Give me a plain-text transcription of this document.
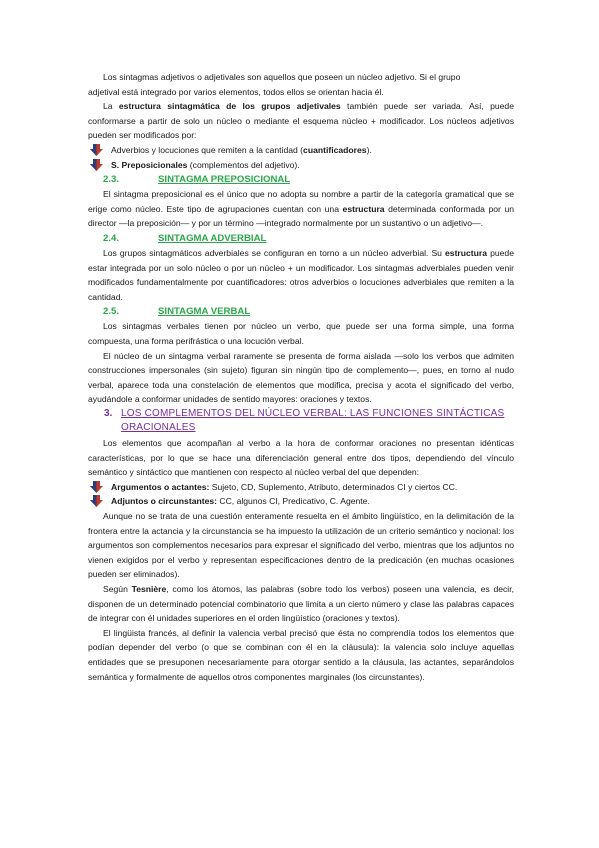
Los sintagmas adjetivos o adjetivales son aquellos que poseen un núcleo adjetivo. Si el grupo
adjetival está integrado por varios elementos, todos ellos se orientan hacia él.

La estructura sintagmática de los grupos adjetivales también puede ser variada. Así, puede conformarse a partir de solo un núcleo o mediante el esquema núcleo + modificador. Los núcleos adjetivos pueden ser modificados por:

Adverbios y locuciones que remiten a la cantidad (cuantificadores).
S. Preposicionales (complementos del adjetivo).
2.3.	SINTAGMA PREPOSICIONAL

El sintagma preposicional es el único que no adopta su nombre a partir de la categoría gramatical que se erige como núcleo. Este tipo de agrupaciones cuentan con una estructura determinada conformada por un director —la preposición— y por un término —integrado normalmente por un sustantivo o un adjetivo—.

2.4.	SINTAGMA ADVERBIAL

Los grupos sintagmáticos adverbiales se configuran en torno a un núcleo adverbial. Su estructura puede estar integrada por un solo núcleo o por un núcleo + un modificador. Los sintagmas adverbiales pueden venir modificados fundamentalmente por cuantificadores: otros adverbios o locuciones adverbiales que remiten a la cantidad.

2.5.	SINTAGMA VERBAL

Los sintagmas verbales tienen por núcleo un verbo, que puede ser una forma simple, una forma compuesta, una forma perifrástica o una locución verbal.

El núcleo de un sintagma verbal raramente se presenta de forma aislada —solo los verbos que admiten construcciones impersonales (sin sujeto) figuran sin ningún tipo de complemento—, pues, en torno al nudo verbal, aparece toda una constelación de elementos que modifica, precisa y acota el significado del verbo, ayudándole a conformar unidades de sentido mayores: oraciones y textos.

3. LOS COMPLEMENTOS DEL NÚCLEO VERBAL: LAS FUNCIONES SINTÁCTICAS
ORACIONALES

Los elementos que acompañan al verbo a la hora de conformar oraciones no presentan idénticas características, por lo que se hace una diferenciación general entre dos tipos, dependiendo del vínculo semántico y sintáctico que mantienen con respecto al núcleo verbal del que dependen:

Argumentos o actantes: Sujeto, CD, Suplemento, Atributo, determinados CI y ciertos CC.
Adjuntos o circunstantes: CC, algunos CI, Predicativo, C. Agente.

Aunque no se trata de una cuestión enteramente resuelta en el ámbito lingüístico, en la delimitación de la frontera entre la actancia y la circunstancia se ha impuesto la utilización de un criterio semántico y nocional: los argumentos son complementos necesarios para expresar el significado del verbo, mientras que los adjuntos no vienen exigidos por el verbo y representan especificaciones dentro de la predicación (en muchas ocasiones pueden ser eliminados).

Según Tesnière, como los átomos, las palabras (sobre todo los verbos) poseen una valencia, es decir, disponen de un determinado potencial combinatorio que limita a un cierto número y clase las palabras capaces de integrar con él unidades superiores en el orden lingüístico (oraciones y textos).

El lingüista francés, al definir la valencia verbal precisó que ésta no comprendía todos los elementos que podían depender del verbo (o que se combinan con él en la cláusula): la valencia solo incluye aquellas entidades que se presuponen necesariamente para otorgar sentido a la cláusula, las actantes, separándolos semántica y formalmente de aquellos otros componentes marginales (los circunstantes).
